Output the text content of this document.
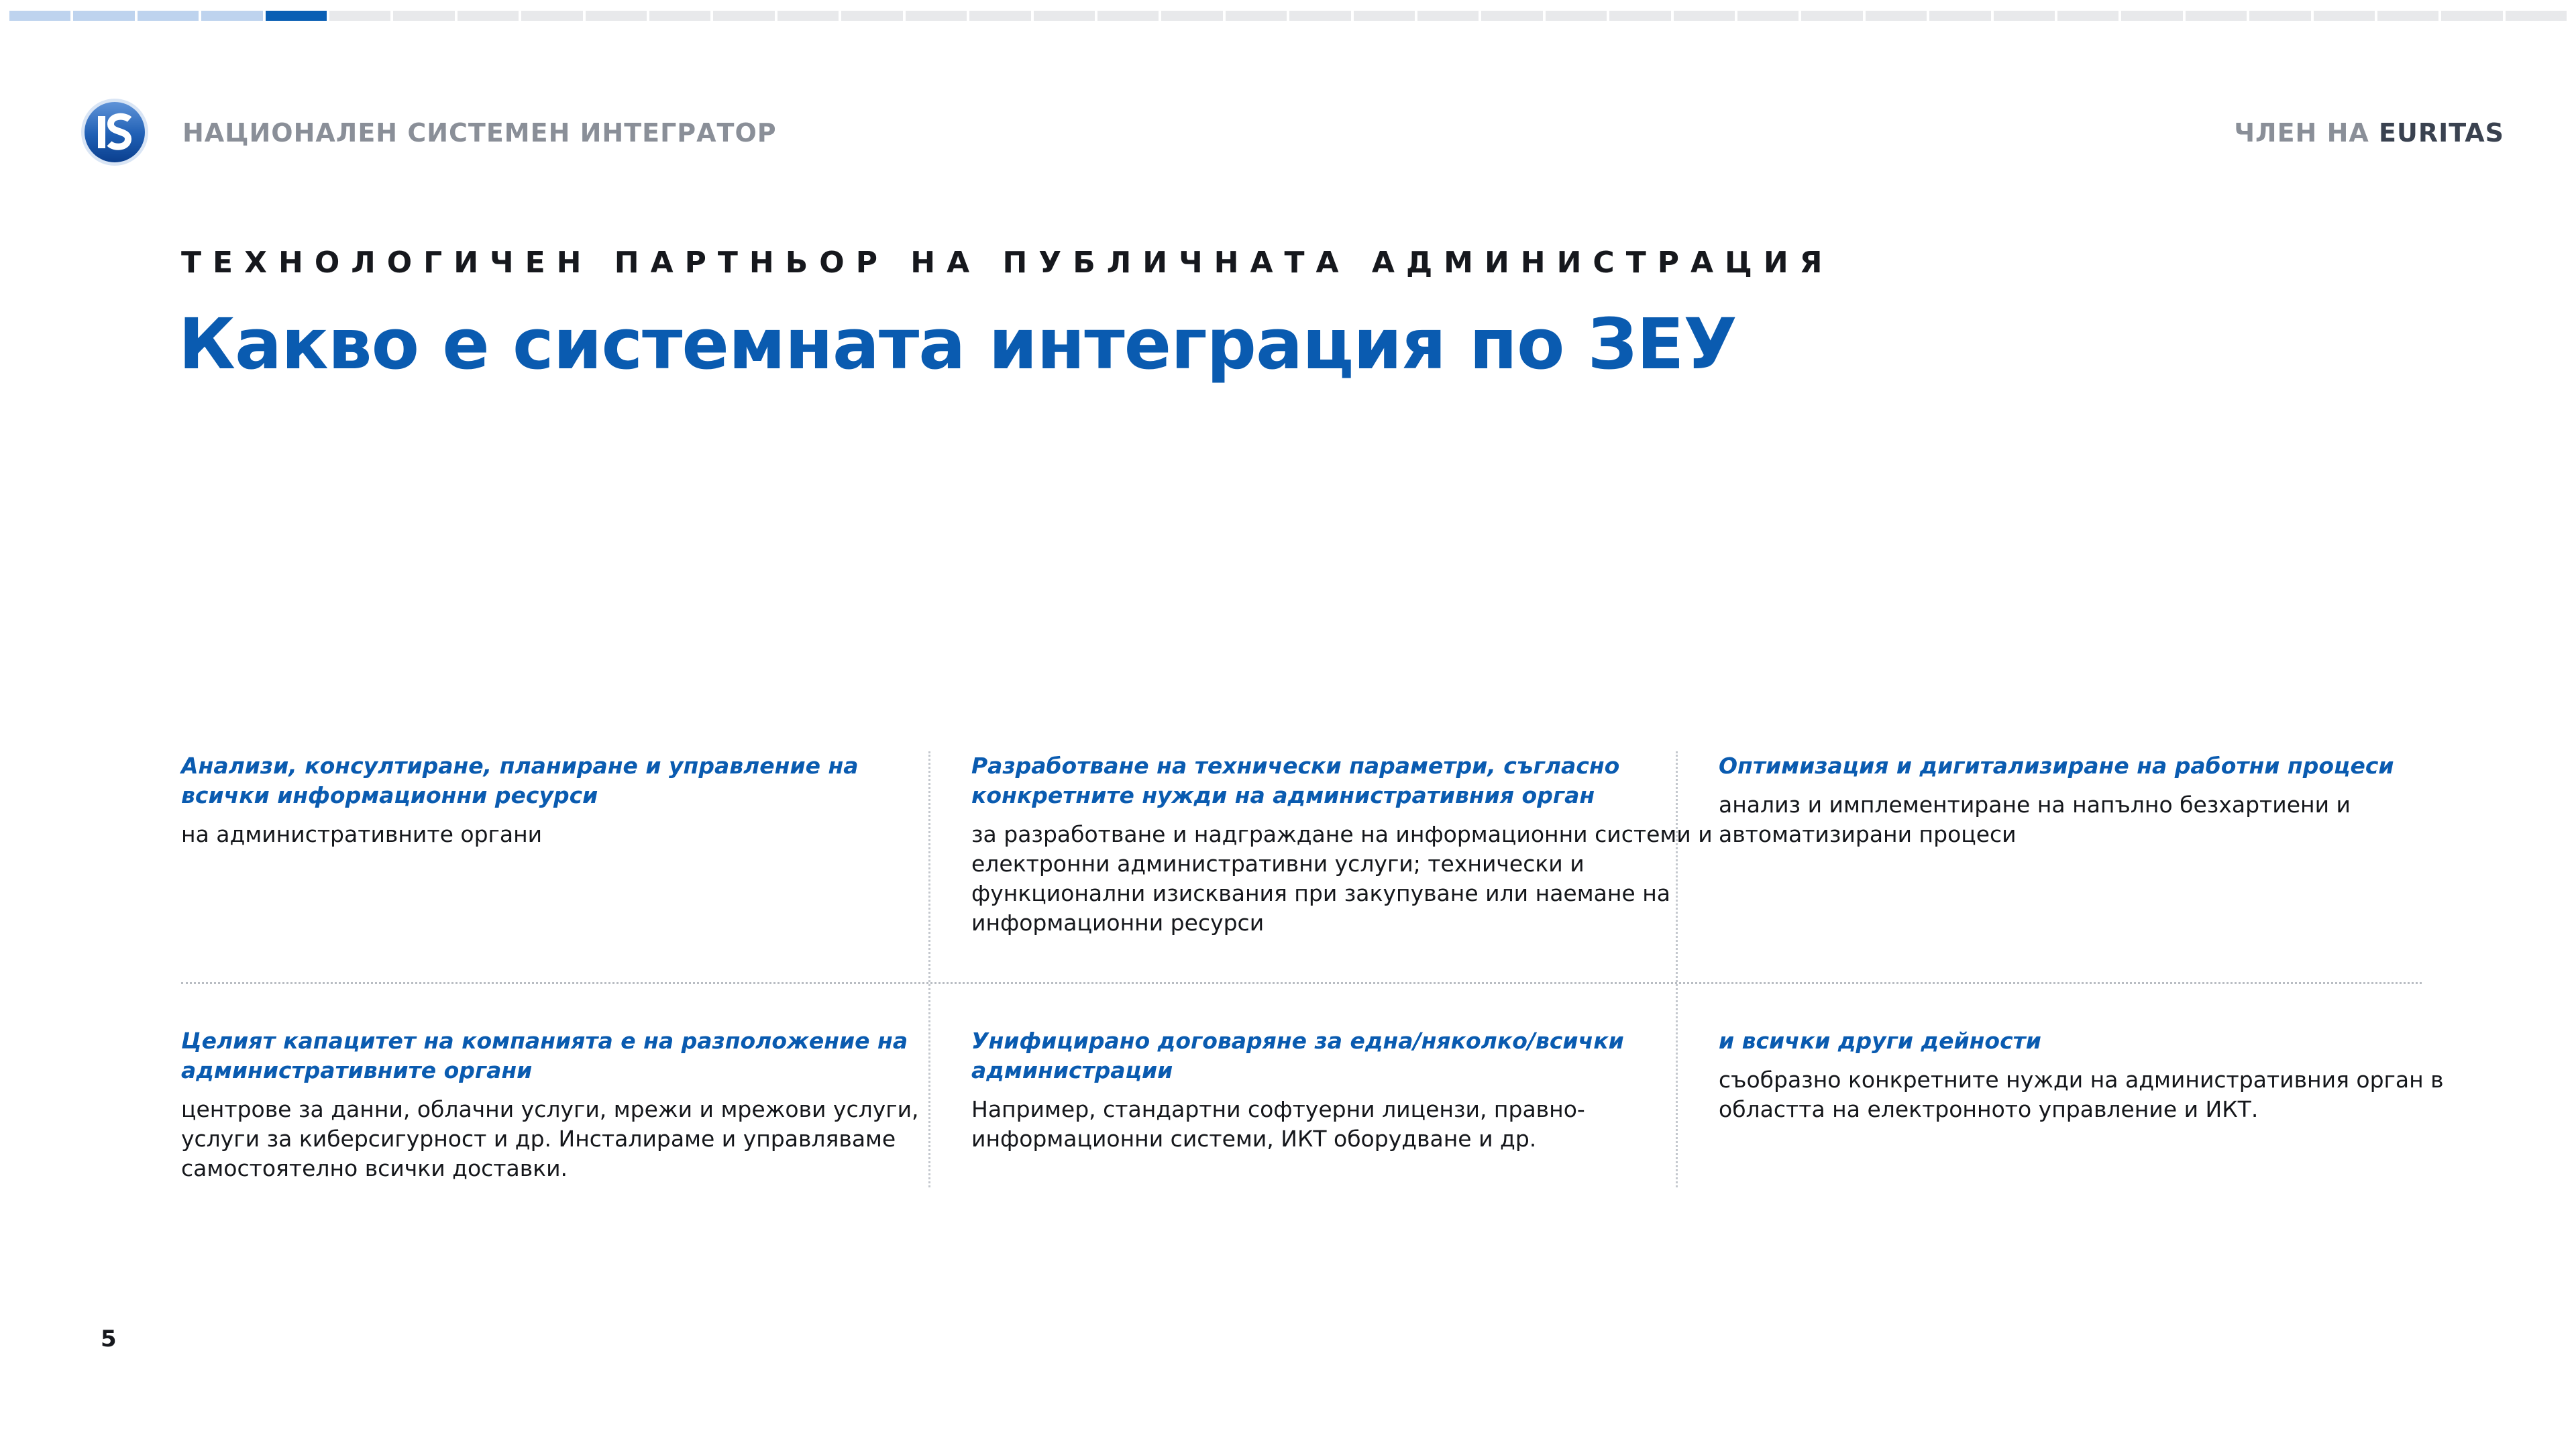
IS
НАЦИОНАЛЕН СИСТЕМЕН ИНТЕГРАТОР	ЧЛЕН НА EURITAS
ТЕХНОЛОГИЧЕН ПАРТНЬОР НА ПУБЛИЧНАТА АДМИНИСТРАЦИЯ
Какво е системната интеграция по ЗЕУ
Анализи, консултиране, планиране и управление на всички информационни ресурси

на административните органи

Разработване на технически параметри, съгласно конкретните нужди на административния орган

за разработване и надграждане на информационни системи и електронни административни услуги; технически и функционални изисквания при закупуване или наемане на информационни ресурси

Оптимизация и дигитализиране на работни процеси

анализ и имплементиране на напълно безхартиени и автоматизирани процеси

Целият капацитет на компанията е на разположение на административните органи

центрове за данни, облачни услуги, мрежи и мрежови услуги, услуги за киберсигурност и др. Инсталираме и управляваме самостоятелно всички доставки.

Унифицирано договаряне за една/няколко/всички администрации

Например, стандартни софтуерни лицензи, правно-информационни системи, ИКТ оборудване и др.

и всички други дейности

съобразно конкретните нужди на административния орган в областта на електронното управление и ИКТ.

5
